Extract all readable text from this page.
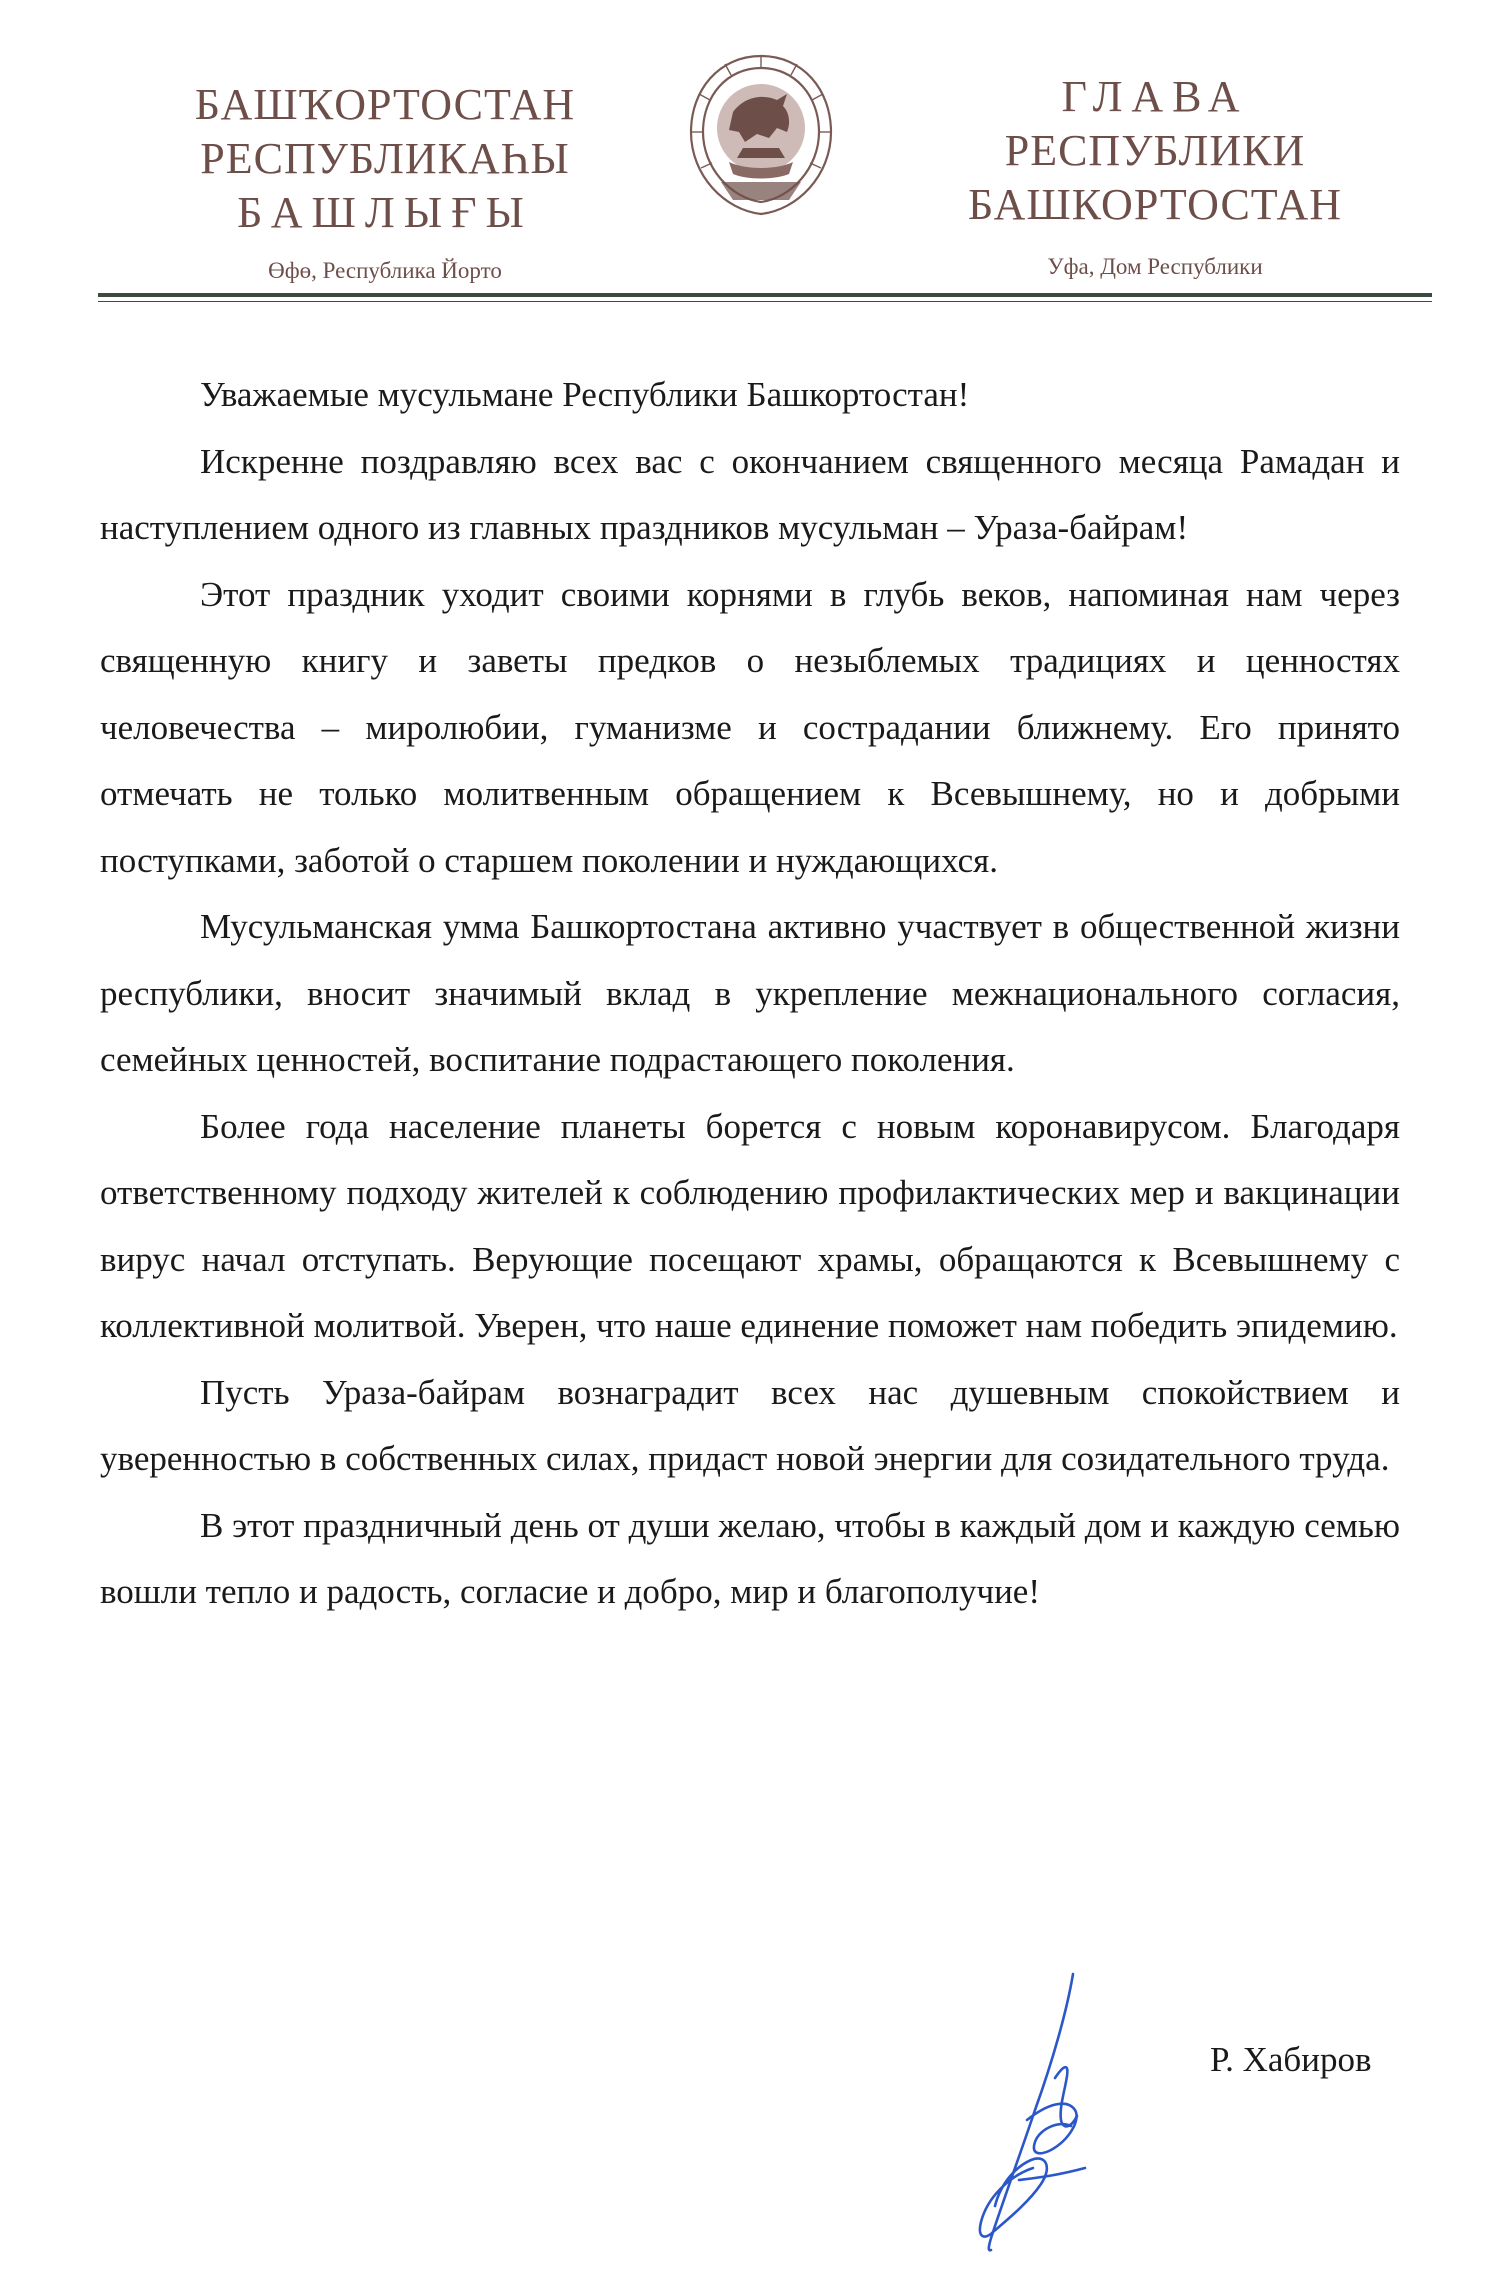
БАШҠОРТОСТАН
РЕСПУБЛИКАҺЫ
БАШЛЫҒЫ
Өфө, Республика Йорто
ГЛАВА
РЕСПУБЛИКИ
БАШКОРТОСТАН
Уфа, Дом Республики

Уважаемые мусульмане Республики Башкортостан!

Искренне поздравляю всех вас с окончанием священного месяца Рамадан и наступлением одного из главных праздников мусульман – Ураза-байрам!

Этот праздник уходит своими корнями в глубь веков, напоминая нам через священную книгу и заветы предков о незыблемых традициях и ценностях человечества – миролюбии, гуманизме и сострадании ближнему. Его принято отмечать не только молитвенным обращением к Всевышнему, но и добрыми поступками, заботой о старшем поколении и нуждающихся.

Мусульманская умма Башкортостана активно участвует в общественной жизни республики, вносит значимый вклад в укрепление межнационального согласия, семейных ценностей, воспитание подрастающего поколения.

Более года население планеты борется с новым коронавирусом. Благодаря ответственному подходу жителей к соблюдению профилактических мер и вакцинации вирус начал отступать. Верующие посещают храмы, обращаются к Всевышнему с коллективной молитвой. Уверен, что наше единение поможет нам победить эпидемию.

Пусть Ураза-байрам вознаградит всех нас душевным спокойствием и уверенностью в собственных силах, придаст новой энергии для созидательного труда.

В этот праздничный день от души желаю, чтобы в каждый дом и каждую семью вошли тепло и радость, согласие и добро, мир и благополучие!

Р. Хабиров
